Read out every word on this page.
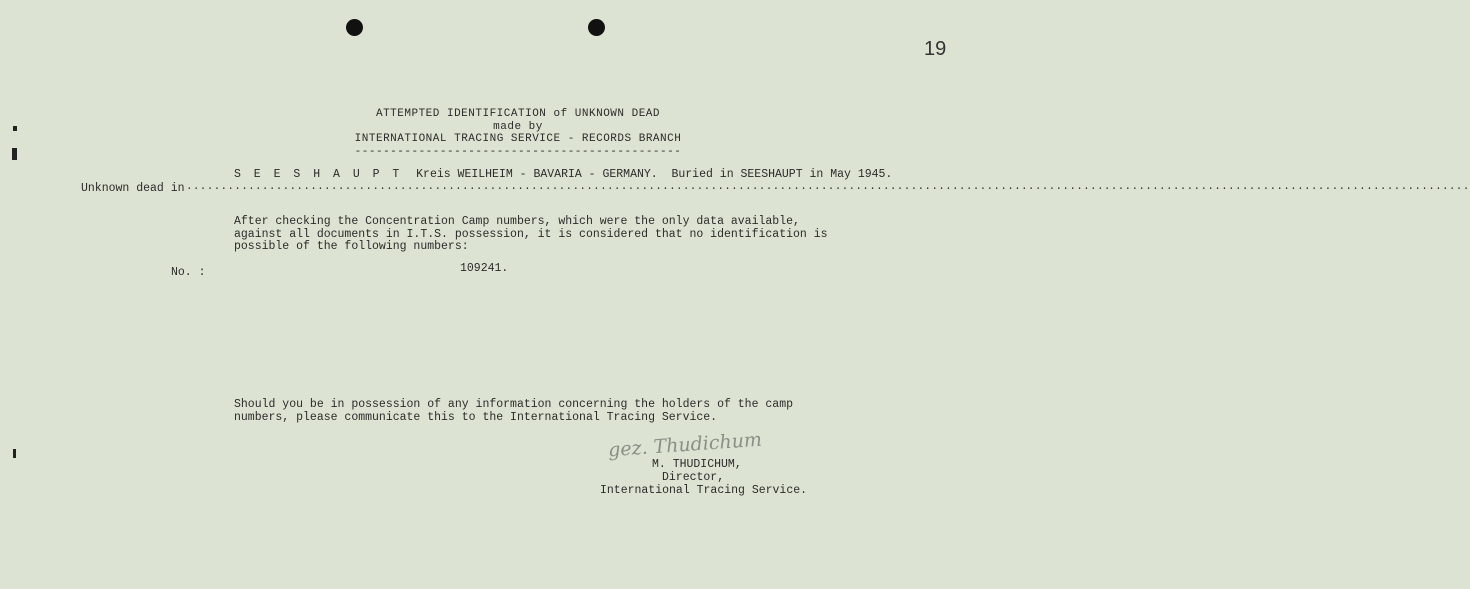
19
ATTEMPTED IDENTIFICATION of UNKNOWN DEAD
made by
INTERNATIONAL TRACING SERVICE - RECORDS BRANCH
----------------------------------------------
S E E S H A U P T Kreis WEILHEIM - BAVARIA - GERMANY.  Buried in SEESHAUPT in May 1945.
Unknown dead in ..........................................................................................................................................................................................
After checking the Concentration Camp numbers, which were the only data available, against all documents in I.T.S. possession, it is considered that no identification is possible of the following numbers:
No. :	109241.
Should you be in possession of any information concerning the holders of the camp numbers, please communicate this to the International Tracing Service.
gez. Thudichum
M. THUDICHUM,
Director,
International Tracing Service.
